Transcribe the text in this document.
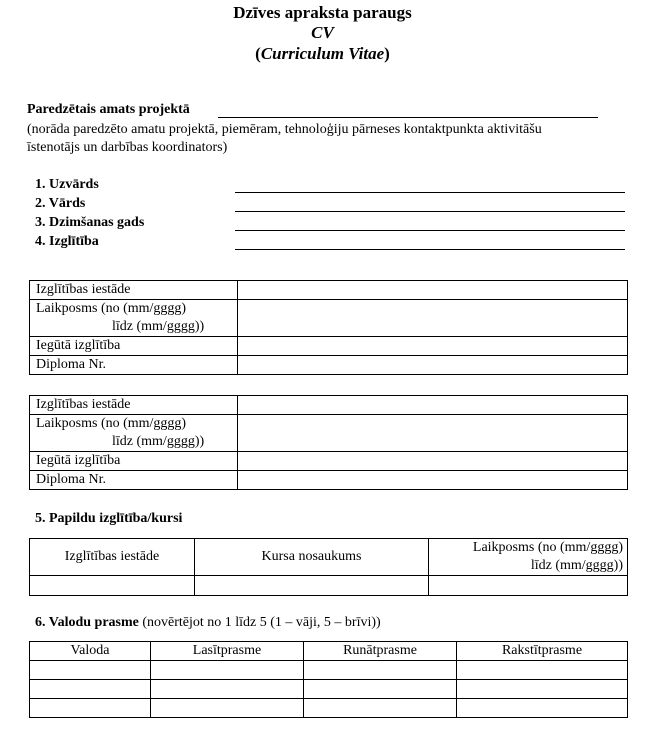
Dzīves apraksta paraugs
CV
(Curriculum Vitae)
Paredzētais amats projektā
(norāda paredzēto amatu projektā, piemēram, tehnoloģiju pārneses kontaktpunkta aktivitāšu īstenotājs un darbības koordinators)
1. Uzvārds
2. Vārds
3. Dzimšanas gads
4. Izglītība
Izglītības iestāde	

Laikposms (no (mm/gggg)
līdz (mm/gggg))	

Iegūtā izglītība	
Diploma Nr.	
Izglītības iestāde	

Laikposms (no (mm/gggg)
līdz (mm/gggg))	

Iegūtā izglītība	
Diploma Nr.	
5. Papildu izglītība/kursi
Izglītības iestāde	Kursa nosaukums	Laikposms (no (mm/gggg)
līdz (mm/gggg))

6. Valodu prasme (novērtējot no 1 līdz 5 (1 – vāji, 5 – brīvi))
Valoda	Lasītprasme	Runātprasme	Rakstītprasme
